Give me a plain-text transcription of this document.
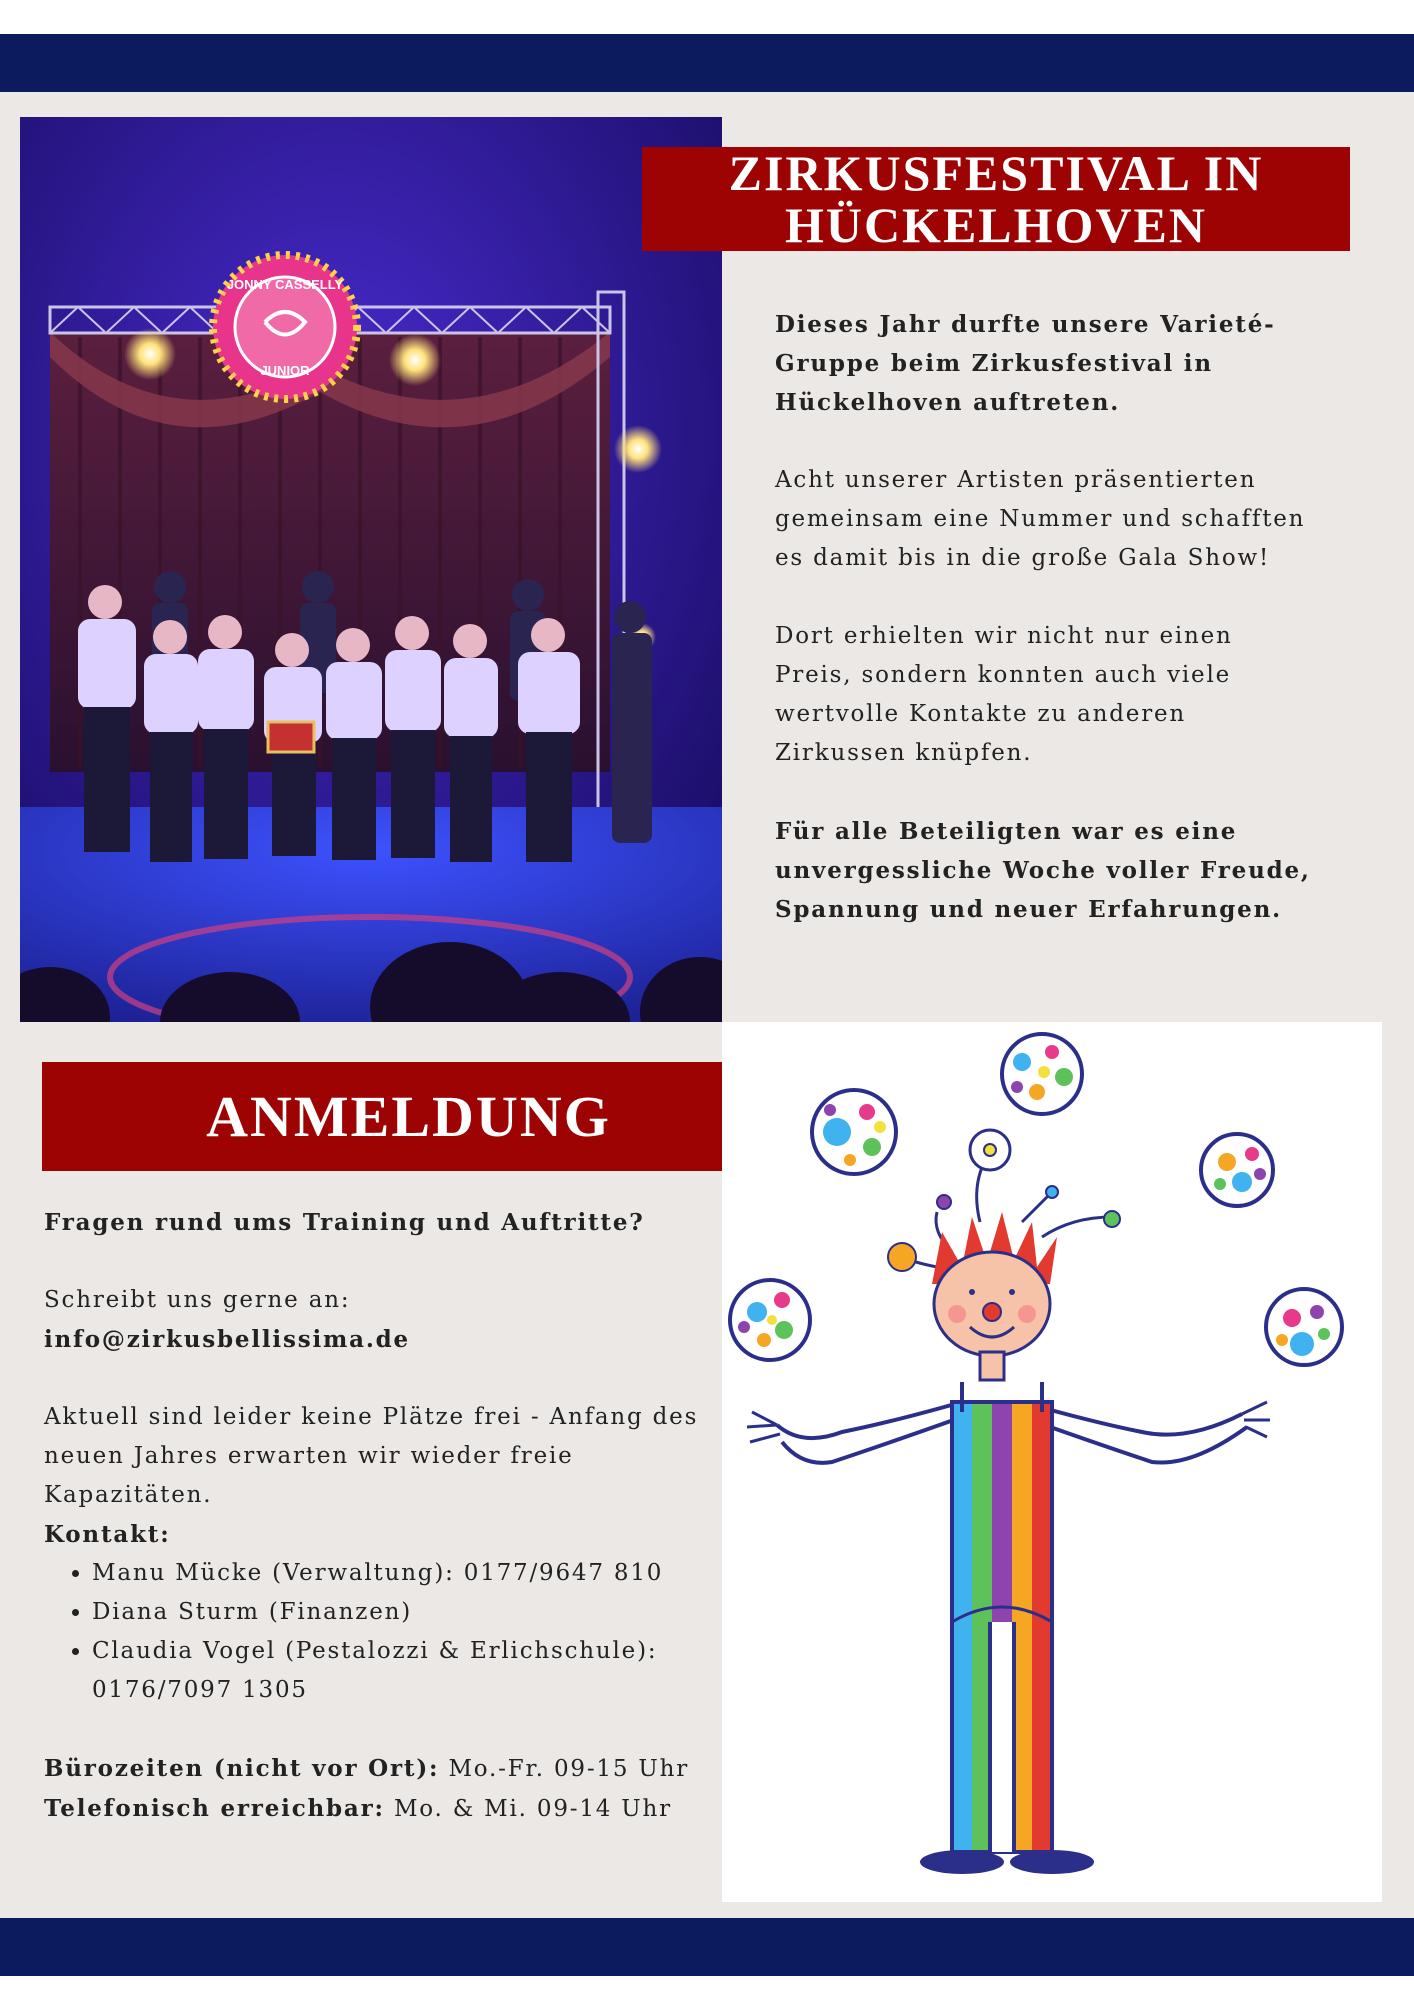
JONNY CASSELLY
JUNIOR
ZIRKUSFESTIVAL IN
HÜCKELHOVEN

Dieses Jahr durfte unsere Varieté-Gruppe beim Zirkusfestival in Hückelhoven auftreten.

Acht unserer Artisten präsentierten gemeinsam eine Nummer und schafften es damit bis in die große Gala Show!

Dort erhielten wir nicht nur einen Preis, sondern konnten auch viele wertvolle Kontakte zu anderen Zirkussen knüpfen.

Für alle Beteiligten war es eine unvergessliche Woche voller Freude, Spannung und neuer Erfahrungen.

ANMELDUNG

Fragen rund ums Training und Auftritte?

Schreibt uns gerne an:

info@zirkusbellissima.de

Aktuell sind leider keine Plätze frei - Anfang des neuen Jahres erwarten wir wieder freie Kapazitäten.

Kontakt:

• Manu Mücke (Verwaltung): 0177/9647 810
• Diana Sturm (Finanzen)
• Claudia Vogel (Pestalozzi & Erlichschule): 0176/7097 1305

Bürozeiten (nicht vor Ort): Mo.-Fr. 09-15 Uhr

Telefonisch erreichbar: Mo. & Mi. 09-14 Uhr
